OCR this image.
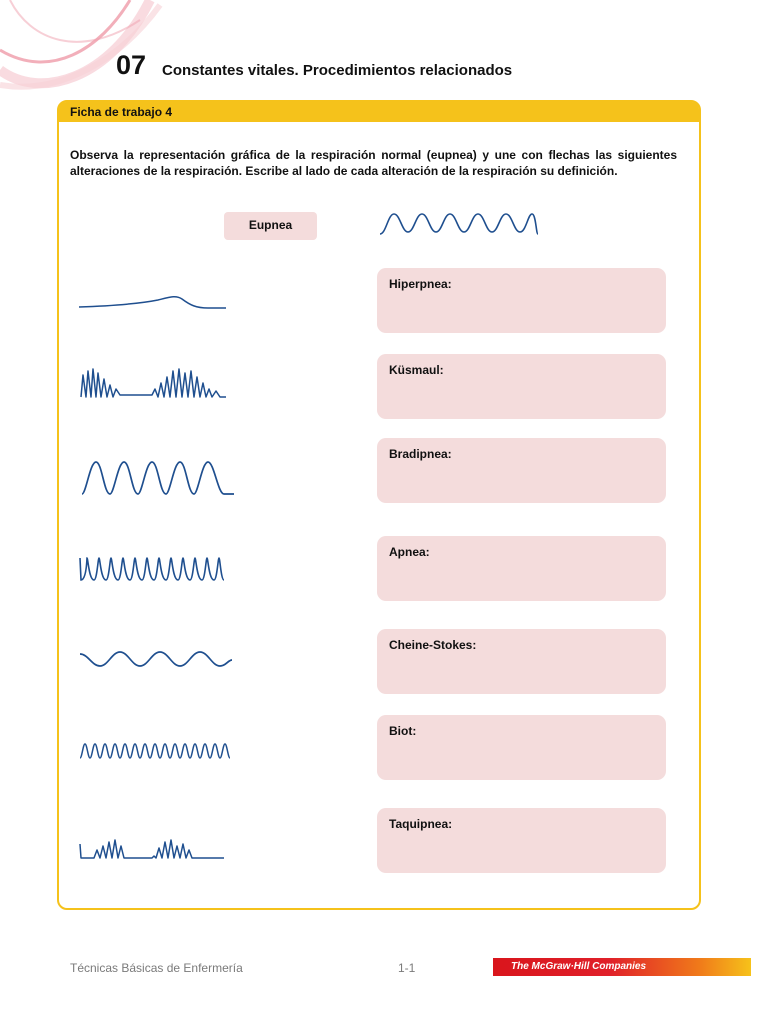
07 Constantes vitales. Procedimientos relacionados
Ficha de trabajo 4
Observa la representación gráfica de la respiración normal (eupnea) y une con flechas las siguientes alteraciones de la respiración. Escribe al lado de cada alteración de la respiración su definición.
Eupnea
Hiperpnea:
Küsmaul:
Bradipnea:
Apnea:
Cheine-Stokes:
Biot:
Taquipnea:
Técnicas Básicas de Enfermería	1-1	The McGraw·Hill Companies
